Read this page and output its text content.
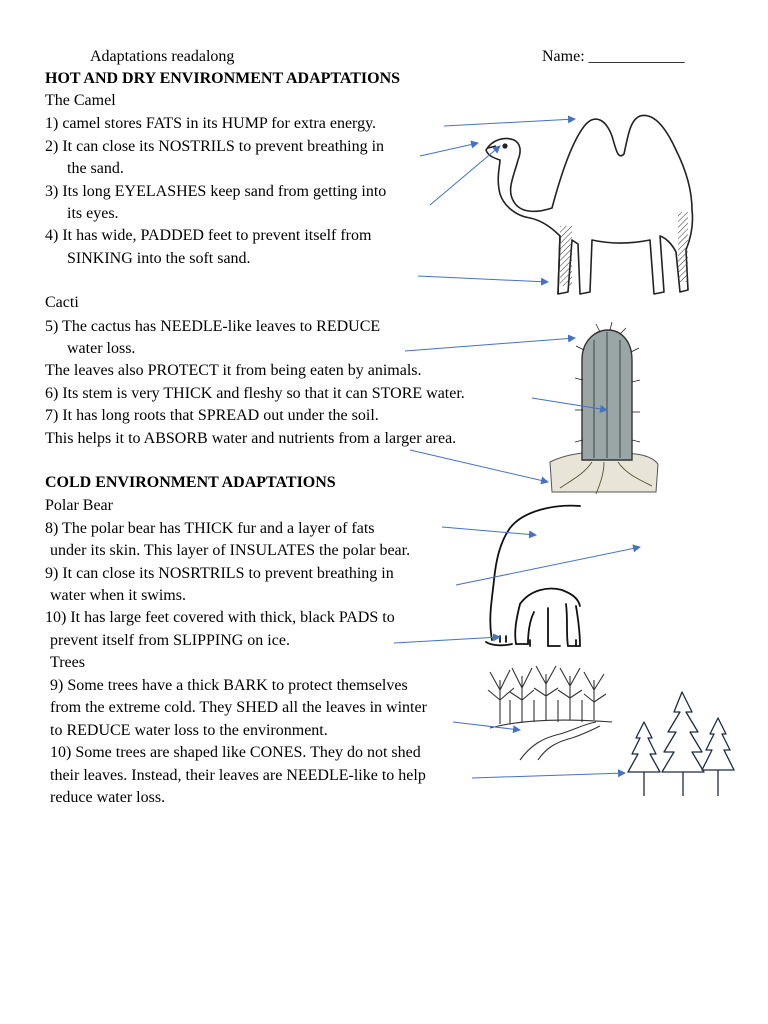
Adaptations readalong	Name: ____________
HOT AND DRY ENVIRONMENT ADAPTATIONS
The Camel
1) camel stores FATS in its HUMP for extra energy.
2) It can close its NOSTRILS to prevent breathing in
the sand.
3) Its long EYELASHES keep sand from getting into
its eyes.
4) It has wide, PADDED feet to prevent itself from
SINKING into the soft sand.
Cacti
5) The cactus has NEEDLE-like leaves to REDUCE
water loss.
The leaves also PROTECT it from being eaten by animals.
6) Its stem is very THICK and fleshy so that it can STORE water.
7) It has long roots that SPREAD out under the soil.
This helps it to ABSORB water and nutrients from a larger area.
COLD ENVIRONMENT ADAPTATIONS
Polar Bear
8) The polar bear has THICK fur and a layer of fats
under its skin. This layer of INSULATES the polar bear.
9) It can close its NOSRTRILS to prevent breathing in
water when it swims.
10) It has large feet covered with thick, black PADS to
prevent itself from SLIPPING on ice.
Trees
9) Some trees have a thick BARK to protect themselves
from the extreme cold. They SHED all the leaves in winter
to REDUCE water loss to the environment.
10) Some trees are shaped like CONES. They do not shed
their leaves. Instead, their leaves are NEEDLE-like to help
reduce water loss.
